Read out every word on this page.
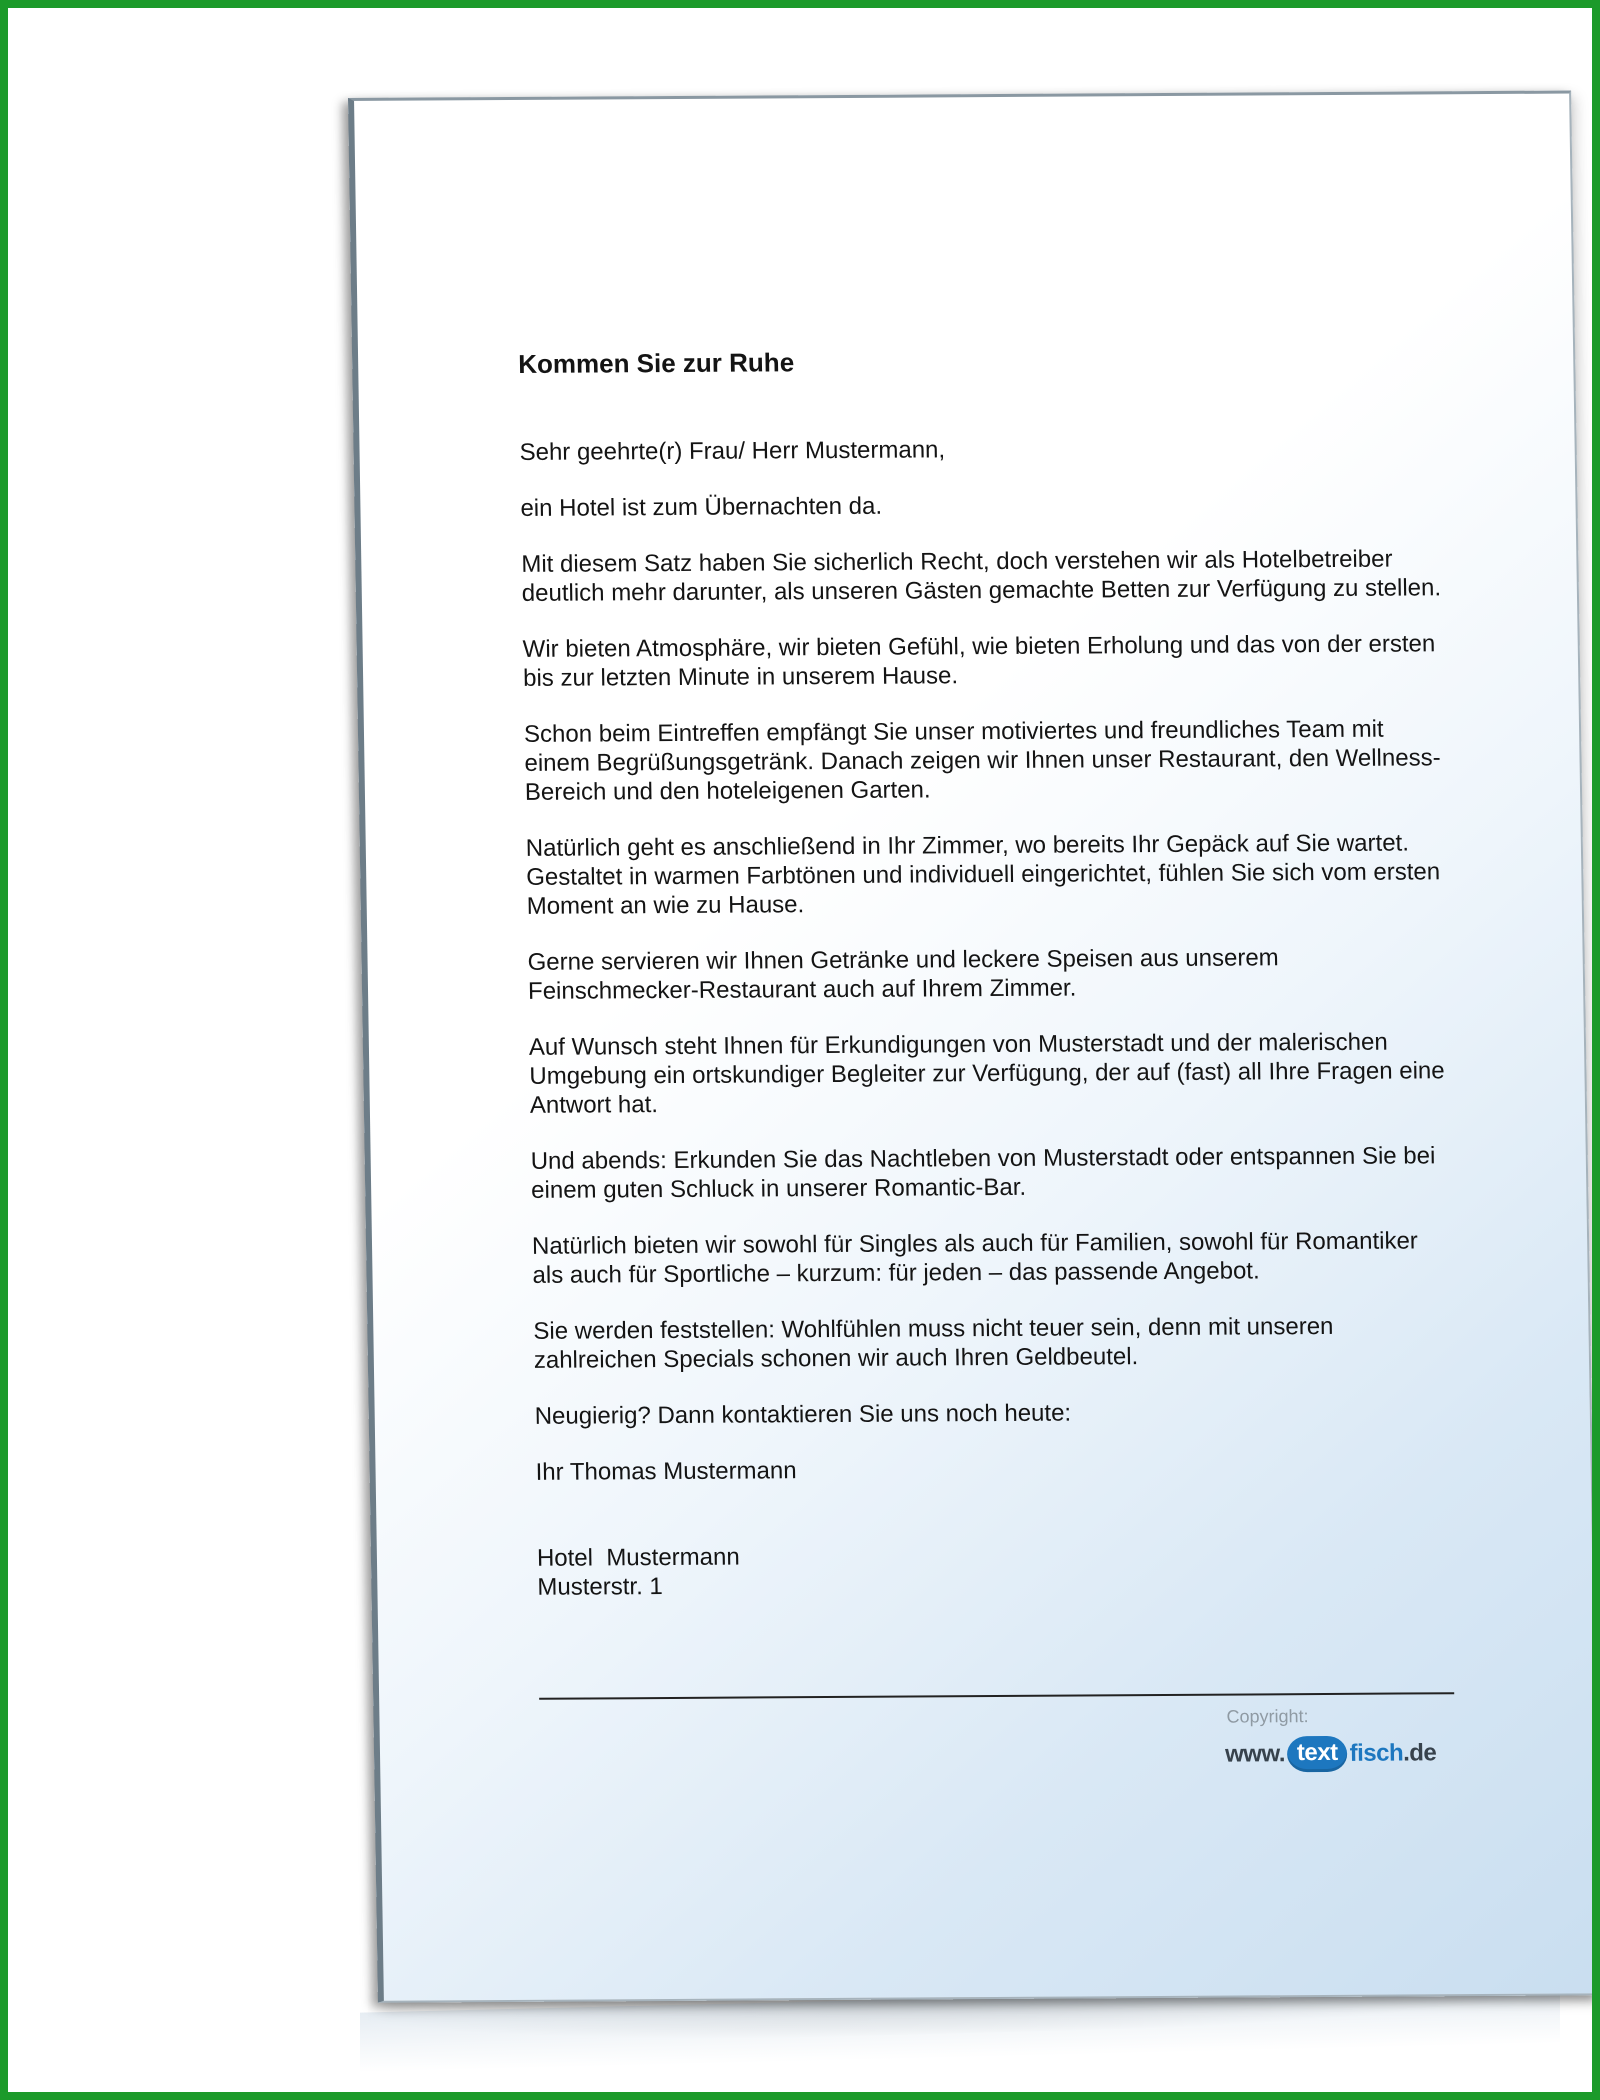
Kommen Sie zur Ruhe
Sehr geehrte(r) Frau/ Herr Mustermann,
ein Hotel ist zum Übernachten da.
Mit diesem Satz haben Sie sicherlich Recht, doch verstehen wir als Hotelbetreiber deutlich mehr darunter, als unseren Gästen gemachte Betten zur Verfügung zu stellen.
Wir bieten Atmosphäre, wir bieten Gefühl, wie bieten Erholung und das von der ersten bis zur letzten Minute in unserem Hause.
Schon beim Eintreffen empfängt Sie unser motiviertes und freundliches Team mit einem Begrüßungsgetränk. Danach zeigen wir Ihnen unser Restaurant, den Wellness-Bereich und den hoteleigenen Garten.
Natürlich geht es anschließend in Ihr Zimmer, wo bereits Ihr Gepäck auf Sie wartet. Gestaltet in warmen Farbtönen und individuell eingerichtet, fühlen Sie sich vom ersten Moment an wie zu Hause.
Gerne servieren wir Ihnen Getränke und leckere Speisen aus unserem Feinschmecker-Restaurant auch auf Ihrem Zimmer.
Auf Wunsch steht Ihnen für Erkundigungen von Musterstadt und der malerischen Umgebung ein ortskundiger Begleiter zur Verfügung, der auf (fast) all Ihre Fragen eine Antwort hat.
Und abends: Erkunden Sie das Nachtleben von Musterstadt oder entspannen Sie bei einem guten Schluck in unserer Romantic-Bar.
Natürlich bieten wir sowohl für Singles als auch für Familien, sowohl für Romantiker als auch für Sportliche – kurzum: für jeden – das passende Angebot.
Sie werden feststellen: Wohlfühlen muss nicht teuer sein, denn mit unseren zahlreichen Specials schonen wir auch Ihren Geldbeutel.
Neugierig? Dann kontaktieren Sie uns noch heute:
Ihr Thomas Mustermann
Hotel  Mustermann
Musterstr. 1
Copyright:
www. text fisch .de
